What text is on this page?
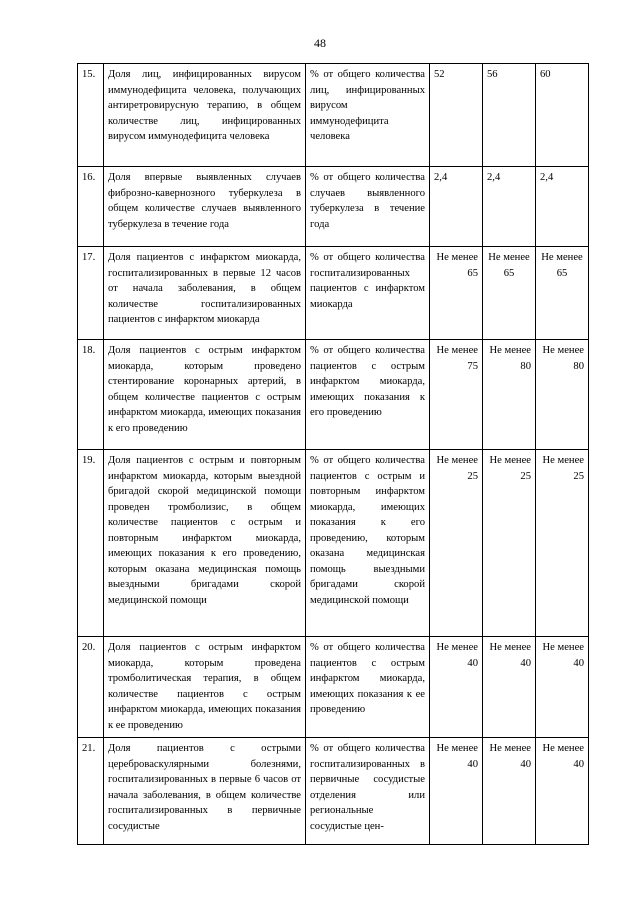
48
15.	Доля лиц, инфицированных вирусом иммунодефицита человека, получающих антиретровирусную терапию, в общем количестве лиц, инфицированных вирусом иммунодефицита человека	% от общего количества лиц, инфицированных вирусом иммунодефицита человека	52	56	60
16.	Доля впервые выявленных случаев фиброзно-кавернозного туберкулеза в общем количестве случаев выявленного туберкулеза в течение года	% от общего количества случаев выявленного туберкулеза в течение года	2,4	2,4	2,4
17.	Доля пациентов с инфарктом миокарда, госпитализированных в первые 12 часов от начала заболевания, в общем количестве госпитализированных пациентов с инфарктом миокарда	% от общего количества госпитализированных пациентов с инфарктом миокарда	Не менее 65	Не менее 65	Не менее 65
18.	Доля пациентов с острым инфарктом миокарда, которым проведено стентирование коронарных артерий, в общем количестве пациентов с острым инфарктом миокарда, имеющих показания к его проведению	% от общего количества пациентов с острым инфарктом миокарда, имеющих показания к его проведению	Не менее 75	Не менее 80	Не менее 80
19.	Доля пациентов с острым и повторным инфарктом миокарда, которым выездной бригадой скорой медицинской помощи проведен тромболизис, в общем количестве пациентов с острым и повторным инфарктом миокарда, имеющих показания к его проведению, которым оказана медицинская помощь выездными бригадами скорой медицинской помощи	% от общего количества пациентов с острым и повторным инфарктом миокарда, имеющих показания к его проведению, которым оказана медицинская помощь выездными бригадами скорой медицинской помощи	Не менее 25	Не менее 25	Не менее 25
20.	Доля пациентов с острым инфарктом миокарда, которым проведена тромболитическая терапия, в общем количестве пациентов с острым инфарктом миокарда, имеющих показания к ее проведению	% от общего количества пациентов с острым инфарктом миокарда, имеющих показания к ее проведению	Не менее 40	Не менее 40	Не менее 40
21.	Доля пациентов с острыми цереброваскулярными болезнями, госпитализированных в первые 6 часов от начала заболевания, в общем количестве госпитализированных в первичные сосудистые	% от общего количества госпитализированных в первичные сосудистые отделения или региональные сосудистые цен-	Не менее 40	Не менее 40	Не менее 40
